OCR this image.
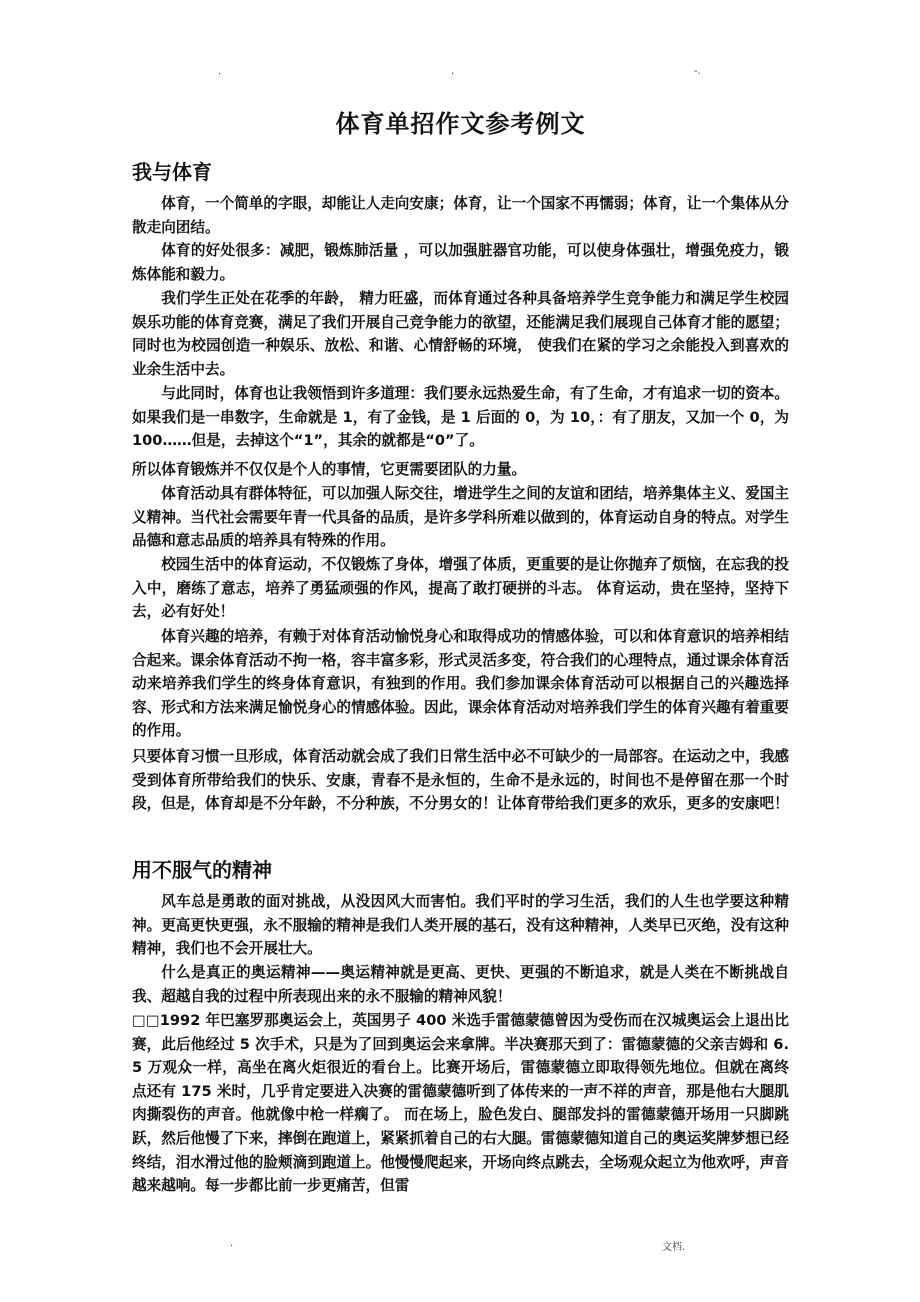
.	.	-.
体育单招作文参考例文
我与体育

体育，一个简单的字眼，却能让人走向安康；体育，让一个国家不再懦弱；体育，让一个集体从分散走向团结。

体育的好处很多：减肥，锻炼肺活量 ，可以加强脏器官功能，可以使身体强壮，增强免疫力，锻炼体能和毅力。

我们学生正处在花季的年龄， 精力旺盛，而体育通过各种具备培养学生竞争能力和满足学生校园娱乐功能的体育竞赛，满足了我们开展自己竞争能力的欲望，还能满足我们展现自己体育才能的愿望；同时也为校园创造一种娱乐、放松、和谐、心情舒畅的环境， 使我们在紧的学习之余能投入到喜欢的业余生活中去。

与此同时，体育也让我领悟到许多道理：我们要永远热爱生命，有了生命，才有追求一切的资本。如果我们是一串数字，生命就是 1，有了金钱，是 1 后面的 0，为 10，：有了朋友，又加一个 0，为 100……但是，去掉这个“1”，其余的就都是“0”了。

所以体育锻炼并不仅仅是个人的事情，它更需要团队的力量。

体育活动具有群体特征，可以加强人际交往，增进学生之间的友谊和团结，培养集体主义、爱国主义精神。当代社会需要年青一代具备的品质，是许多学科所难以做到的，体育运动自身的特点。对学生品德和意志品质的培养具有特殊的作用。

校园生活中的体育运动，不仅锻炼了身体，增强了体质，更重要的是让你抛弃了烦恼，在忘我的投入中，磨练了意志，培养了勇猛顽强的作风，提高了敢打硬拼的斗志。 体育运动，贵在坚持，坚持下去，必有好处！

体育兴趣的培养，有赖于对体育活动愉悦身心和取得成功的情感体验，可以和体育意识的培养相结合起来。课余体育活动不拘一格，容丰富多彩，形式灵活多变，符合我们的心理特点，通过课余体育活动来培养我们学生的终身体育意识，有独到的作用。我们参加课余体育活动可以根据自己的兴趣选择容、形式和方法来满足愉悦身心的情感体验。因此，课余体育活动对培养我们学生的体育兴趣有着重要的作用。

只要体育习惯一旦形成，体育活动就会成了我们日常生活中必不可缺少的一局部容。在运动之中，我感受到体育所带给我们的快乐、安康，青春不是永恒的，生命不是永远的，时间也不是停留在那一个时段，但是，体育却是不分年龄，不分种族，不分男女的！让体育带给我们更多的欢乐，更多的安康吧！

用不服气的精神

风车总是勇敢的面对挑战，从没因风大而害怕。我们平时的学习生活，我们的人生也学要这种精神。更高更快更强，永不服输的精神是我们人类开展的基石，没有这种精神，人类早已灭绝，没有这种精神，我们也不会开展壮大。

什么是真正的奥运精神——奥运精神就是更高、更快、更强的不断追求，就是人类在不断挑战自我、超越自我的过程中所表现出来的永不服输的精神风貌！

□□1992 年巴塞罗那奥运会上，英国男子 400 米选手雷德蒙德曾因为受伤而在汉城奥运会上退出比赛，此后他经过 5 次手术，只是为了回到奥运会来拿牌。半决赛那天到了：雷德蒙德的父亲吉姆和 6. 5 万观众一样，高坐在离火炬很近的看台上。比赛开场后，雷德蒙德立即取得领先地位。但就在离终点还有 175 米时，几乎肯定要进入决赛的雷德蒙德听到了体传来的一声不祥的声音，那是他右大腿肌肉撕裂伤的声音。他就像中枪一样瘸了。 而在场上，脸色发白、腿部发抖的雷德蒙德开场用一只脚跳跃，然后他慢了下来，摔倒在跑道上，紧紧抓着自己的右大腿。雷德蒙德知道自己的奥运奖牌梦想已经终结，泪水滑过他的脸颊滴到跑道上。他慢慢爬起来，开场向终点跳去，全场观众起立为他欢呼，声音越来越响。每一步都比前一步更痛苦，但雷

.	文档.
